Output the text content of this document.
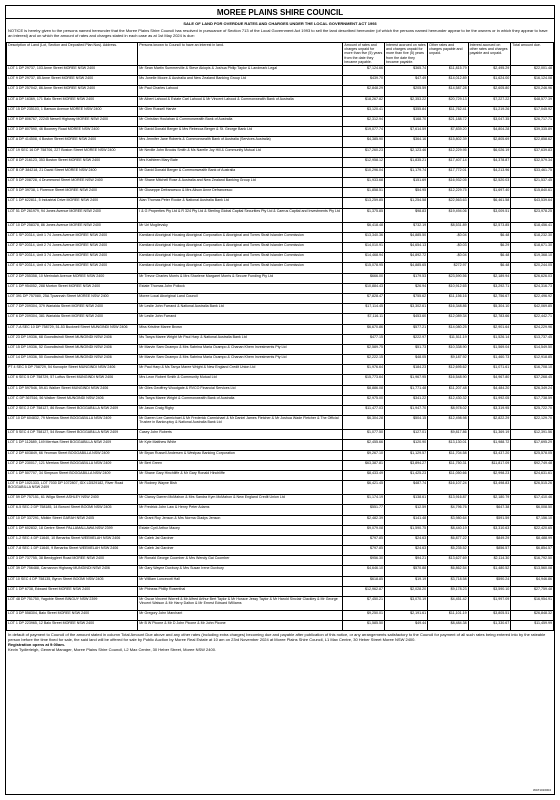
MOREE PLAINS SHIRE COUNCIL
SALE OF LAND FOR OVERDUE RATES AND CHARGES UNDER THE LOCAL GOVERNMENT ACT 1993
NOTICE is hereby given to the persons named hereunder that the Moree Plains Shire Council has resolved in pursuance of Section 713 of the Local Government Act 1993 to sell the land described hereunder (of which the persons named hereunder appear to be the owners or in which they appear to have an interest) and on which the amount of rates and charges stated in each case as at 1st May 2024 is due:
Description of Land (Lot, Section and Deposited Plan Nos). Address.	Persons known to Council to have an interest in land.	Amount of rates and charges unpaid for more than five (5) years from the date they became payable.	Interest accrued on rates and charges unpaid for more than five (5) years from the date they became payable.	Other rates and charges payable and unpaid.	Interest accrued on other rates and charges payable and unpaid.	Total amount due.
LOT 1 DP 29737, 103 Anne Street MOREE NSW 2400	Mr Sean Martin Summerville & Steve Akiopis & Joshua Philip Taylor & Landmark Legal	$7,124.66	$365.74	$11,815.79	$2,495.29	$22,001.48
LOT 9 DP 29737, 85 Anne Street MOREE NSW 2400	Ms Jonelle Moore & Australia and New Zealand Banking Group Ltd	$439.70	$47.49	$14,012.89	$1,624.00	$16,124.08
LOT 3 DP 257042, 86 Anne Street MOREE NSW 2400	Mr Paul Charles Lahood	$2,848.29	$205.59	$14,587.28	$2,605.80	$20,246.96
LOT A DP 16369, 171 Balo Street MOREE NSW 2400	Mr Albert Lahood & Estate Carl Lahood & Mr Vincent Lahood & Commonwealth Bank of Australia	$18,267.82	$2,353.22	$20,729.13	$7,227.22	$48,577.39
LOT 15 DP 235103, 1 Barwon Avenue MOREE NSW 2400	Mr Glen Russell Harvie	$3,120.41	$355.84	$11,762.41	$1,219.26	$17,045.92
LOT 9 DP 806767, 22245 Newell Highway MOREE NSW 2400	Mr Christian Houlahan & Commonwealth Bank of Australia	$2,312.94	$168.70	$21,188.72	$3,047.35	$26,717.71
LOT 3 DP 807590, 46 Boonery Road MOREE NSW 2400	Mr David Donald Berger & Mrs Rebecca Berger & St. George Bank Ltd	$19,077.74	$7,614.59	$7,839.20	$4,804.28	$39,335.89
LOT A DP 414508, 4 Boston Street MOREE NSW 2400	Mrs Jennifer Jane Roberts & Commonwealth Bank of Australia (Services Australia)	$4,385.90	$364.16	$15,802.39	$2,805.69	$22,858.62
LOT 19 SEC 16 DP 758706, 227 Boston Street MOREE NSW 2400	Mr Neville John Brooks Smith & Ms Narelle Joy Hill & Community Mutual Ltd	$17,260.23	$2,123.46	$12,229.95	$6,026.19	$37,639.83
LOT 8 DP 216123, 353 Boston Street MOREE NSW 2400	Mrs Kathleen Mary Bate	$12,958.12	$1,835.21	$17,407.14	$4,378.87	$32,579.34
LOT B DP 384218, 21 David Street MOREE NSW 2400	Mr David Donald Berger & Commonwealth Bank of Australia	$10,296.04	$1,179.74	$17,772.01	$4,213.96	$33,461.75
LOT 5 DP 208728, 4 Drummond Street MOREE NSW 2400	Mr Shane Mitchell Rose & Australia and New Zealand Banking Group Ltd	$1,933.68	$151.69	$16,932.05	$2,520.03	$21,537.45
LOT 5 DP 39738, 1 Florence Street MOREE NSW 2400	Mr Giuseppe Defrancesco & Mrs Alison Anne Defrancesco	$1,858.51	$54.95	$12,229.75	$1,697.40	$15,840.61
LOT 1 DP 622811, 5 Industrial Drive MOREE NSW 2400	Alan Thomas Peter Rooke & National Australia Bank Ltd	$13,259.85	$1,254.58	$22,563.63	$6,461.58	$43,539.64
LOT 51 DP 261979, 94 Jones Avenue MOREE NSW 2400	I & G Properties Pty Ltd & R 324 Pty Ltd & Sterling Global Capital Securities Pty Ltd & Caerus Capital and Investments Pty Ltd	$1,375.85	$98.83	$19,494.06	$3,009.51	$23,978.25
LOT 10 DP 258378, 86 Jones Avenue MOREE NSW 2400	Mr Uri Mogilevsky	$6,418.48	$732.19	$8,531.89	$2,573.85	$18,456.41
LOT 1 SP 20314, Unit 1 74 Jones Avenue MOREE NSW 2400	Kamilaroi Aboriginal Housing Aboriginal Corporation & Aboriginal and Torres Strait Islander Commission	$13,340.36	$4,885.50	-$0.04	$6.48	$18,232.30
LOT 2 SP 20314, Unit 2 74 Jones Avenue MOREE NSW 2400	Kamilaroi Aboriginal Housing Aboriginal Corporation & Aboriginal and Torres Strait Islander Commission	$14,010.91	$4,654.13	-$0.03	$6.29	$18,671.30
LOT 3 SP 20314, Unit 3 74 Jones Avenue MOREE NSW 2400	Kamilaroi Aboriginal Housing Aboriginal Corporation & Aboriginal and Torres Strait Islander Commission	$14,468.94	$4,892.72	-$0.04	$6.48	$19,368.10
LOT 4 SP 20314, Unit 4 74 Jones Avenue MOREE NSW 2400	Kamilaroi Aboriginal Housing Aboriginal Corporation & Aboriginal and Torres Strait Islander Commission	$15,078.95	$4,885.65	$272.97	$6.48	$20,244.05
LOT 2 DP 255358, 10 Merindah Avenue MOREE NSW 2400	Mr Trevor Charles Morris & Mrs Sharlene Margaret Morris & Secure Funding Pty Ltd	$666.00	$179.53	$23,590.56	$2,189.94	$26,626.03
LOT 1 DP 954052, 288 Morton Street MOREE NSW 2400	Estate Thomas John Pollock	$10,884.43	$26.94	$10,912.65	$3,292.71	$24,316.73
LOT 391 DP 757080, 25A Tycannah Street MOREE NSW 2400	Moree Local Aboriginal Land Council	$7,828.47	$755.62	$11,156.16	$2,756.67	$22,496.92
LOT 7 DP 209304, 379 Warialda Street MOREE NSW 2400	Mr Leslie John Farrand & National Australia Bank Ltd	$17,114.45	$3,302.61	$16,348.86	$5,304.10	$42,069.85
LOT 6 DP 209304, 381 Warialda Street MOREE NSW 2400	Mr Leslie John Farrand	$7,116.11	$453.60	$12,089.34	$2,783.66	$22,442.71
LOT 7-A SEC 10 DP 758729, 51-53 Bucknell Street MUNGINDI NSW 2406	Miss Kristine Maree Brown	$6,670.86	$577.21	$14,080.25	$2,901.64	$24,229.96
LOT 23 DP 19336, 68 Goondiwindi Street MUNGINDI NSW 2406	Ms Tanya Maree Wright Mr Paul Harp & National Australia Bank Ltd	$477.15	$222.97	$11,511.19	$1,526.14	$13,737.45
LOT 15 DP 19336, 52 Goondiwindi Street MUNGINDI NSW 2406	Mr Marvin Sam Ocampo & Mrs Sabrina Maria Ocampo & Chanan Khem Investments Pty Ltd	$2,589.75	$51.73	$10,338.90	$1,569.04	$14,549.50
LOT 14 DP 19336, 50 Goondiwindi Street MUNGINDI NSW 2406	Mr Marvin Sam Ocampo & Mrs Sabrina Maria Ocampo & Chanan Khem Investments Pty Ltd	$2,222.15	$48.05	$9,187.92	$1,460.73	$12,918.85
PT 4 SEC 5 DP 758729, 54 Kuroopie Street MUNGINDI NSW 2406	Mr Paul Harp & Ms Tanya Maree Wright & New England Credit Union Ltd	$1,976.64	$184.23	$12,695.62	$1,071.61	$16,708.10
LOT 6 SEC 5 DP 758729, 57 Loftus Street MUNGINDI NSW 2406	Mrs Leon Robert Smith & Community Mutual Ltd	$15,773.64	$1,967.95	$16,548.90	$4,967.80	$37,268.45
LOT 1 DP 597546, 59-61 Walker Street MUNGINDI NSW 2406	Mr Giles Geoffrey Woodgate & RVCO Financial Services Ltd	$8,886.08	$1,771.48	$11,207.48	$4,484.20	$26,349.24
LOT C DP 367516, 56 Walker Street MUNGINDI NSW 2406	Ms Tanya Maree Wright & Commonwealth Bank of Australia	$2,975.00	$341.22	$12,430.32	$1,992.05	$17,738.59
LOT 2 SEC 2 DP 758127, 86 Brown Street BOGGABILLA NSW 2409	Mr Jason Craig Rigby	$11,477.03	$1,947.70	$8,978.02	$3,319.95	$25,722.70
LOT 10 DP 604832, 79 Merriwa Street BOGGABILLA NSW 2409	Mr Darren Lee Carmichael & Mr Frederick Carmichael & Mr Daniel James Fletcher & Mr Joshua Wade Fletcher & The Official Trustee in Bankruptcy & National Australia Bank Ltd	$6,304.28	$504.15	$12,498.98	$2,822.29	$22,129.70
LOT 5 SEC 4 DP 758127, 54 Brown Street BOGGABILLA NSW 2409	Casey John Roberts	$1,077.50	$127.01	$9,817.86	$1,369.19	$12,391.56
LOT 1 DP 112689, 149 Merriwa Street BOGGABILLA NSW 2409	Mr Kyle Matthew White	$2,455.66	$120.90	$13,130.01	$1,988.72	$17,695.29
LOT 2 DP 603849, 66 Yeoman Street BOGGABILLA NSW 2409	Mr Bryan Russell Andersen & Westpac Banking Corporation	$9,267.10	$1,129.57	$11,704.58	$3,437.20	$25,578.05
LOT 2 DP 230017, 121 Merriwa Street BOGGABILLA NSW 2409	Mr Bert Green	$63,387.81	$3,894.27	$11,750.31	$11,817.09	$92,749.48
LOT 1 DP 507707, 34 Simpson Street BOGGABILLA NSW 2409	Mr Shane Gary Hinchliffe & Mr Gary Ronald Hinchliffe	$8,433.49	$1,425.23	$11,050.66	$2,998.23	$24,631.61
LOT 9 DP 1021333, LOT 7030 DP 1072807, IDX LD529182, River Road BOGGABILLA NSW 2409	Mr Rodney Wayne Bish	$6,421.45	$487.74	$16,107.24	$3,498.83	$26,515.26
LOT 59 DP 757151, 61 Wilga Street ASHLEY NSW 2400	Mr Clancy Darren McMahon & Mrs Sandra Kym McMahon & New England Credit Union Ltd	$1,174.19	$138.61	$13,916.87	$2,180.79	$17,410.46
LOT 6-5 SEC 2 DP 758185, 14 Bononi Street BOOMI NSW 2405	Mr Fredrick John Law & Henry Peter Adams	$551.77	$12.59	$4,796.76	$647.38	$6,008.50
LOT 10 DP 337291, Midkin Street GARAH NSW 2405	Mr Grant Roy Jenson & Mrs Norma Gladys Jenson	$2,482.39	$141.48	$3,980.64	$591.59	$7,156.10
LOT 1 DP 602832, 18 Centre Street PALLAMALLAWA NSW 2399	Estate Cyril Arthur Macey	$9,079.08	$1,590.75	$8,440.19	$3,310.63	$22,420.65
LOT 1-2 SEC 4 DP 11640, 10 Benarba Street WEEMELAH NSW 2406	Mr Caleb Jai Gardner	$797.85	$24.63	$6,877.22	$849.29	$8,488.99
LOT 7-8 SEC 1 DP 11640, 9 Benarba Street WEEMELAH NSW 2406	Mr Caleb Jai Gardner	$797.85	$24.63	$5,235.52	$856.57	$6,854.57
LOT 3 DP 737755, 38 Bendygleet Road MOREE NSW 2400	Mr Ronald George Coomber & Mrs Wendy Gai Coomber	$956.30	$94.21	$13,627.69	$2,114.30	$16,792.50
LOT 39 DP 756488, Carnarvon Highway MUNGINDI NSW 2406	Mr Gary Wayne Duxbury & Mrs Susan Irene Duxbury	$4,646.10	$570.88	$6,862.54	$1,480.52	$13,560.08
LOT 10 SEC 4 DP 758135, Byron Street BOOMI NSW 2405	Mr William Luncecott Hall	$618.85	$19.19	$3,718.58	$590.24	$4,946.86
LOT 1 DP 6738, Edward Street MOREE NSW 2400	Mr Phineas Phillip Rosenthal	$12,962.87	$2,028.20	$9,178.23	$3,590.10	$27,759.48
LOT 48 DP 751750, Yagobie Street BINGUY NSW 2399	Mr Oscar Vincent Worrell & Mr Alfred Arthur Bert Taylor & Mr Horace Jessy Taylor & Mr Harold Sinclair Clackley & Mr George Vincent Watson & Mr Harry Dalton & Mr Ernest Edward Williams	$7,450.21	$3,070.19	$4,451.42	$1,997.09	$16,954.91
LOT 3 DP 558304, Balo Street MOREE NSW 2400	Mr Gregory John Marchant	$9,250.01	$2,191.61	$11,101.19	$3,805.51	$26,848.32
LOT 1 DP 223965, 12 Balo Street MOREE NSW 2400	Mr B W Picone & Mr D John Picone & Mr John Picone	$1,585.50	$49.44	$8,484.38	$1,330.67	$11,459.99
In default of payment to Council of the amount stated in column Total Amount Due above and any other rates (including extra charges) becoming due and payable after publication of this notice, or any arrangements satisfactory to the Council for payment of all such rates being entered into by the rateable person before the time fixed for sale, the said land will be offered for sale by Public Auction by Moree Real Estate at 10 am on 23rd November 2024 at Moree Plains Shire Council, L1 Max Centre, 30 Heber Street Moree NSW 2400.
Registration opens at 9:00am.
Kevin Tydlerleigh, General Manager, Moree Plains Shire Council, L2 Max Centre, 30 Heber Street, Moree NSW 2400.
WAT1016004
